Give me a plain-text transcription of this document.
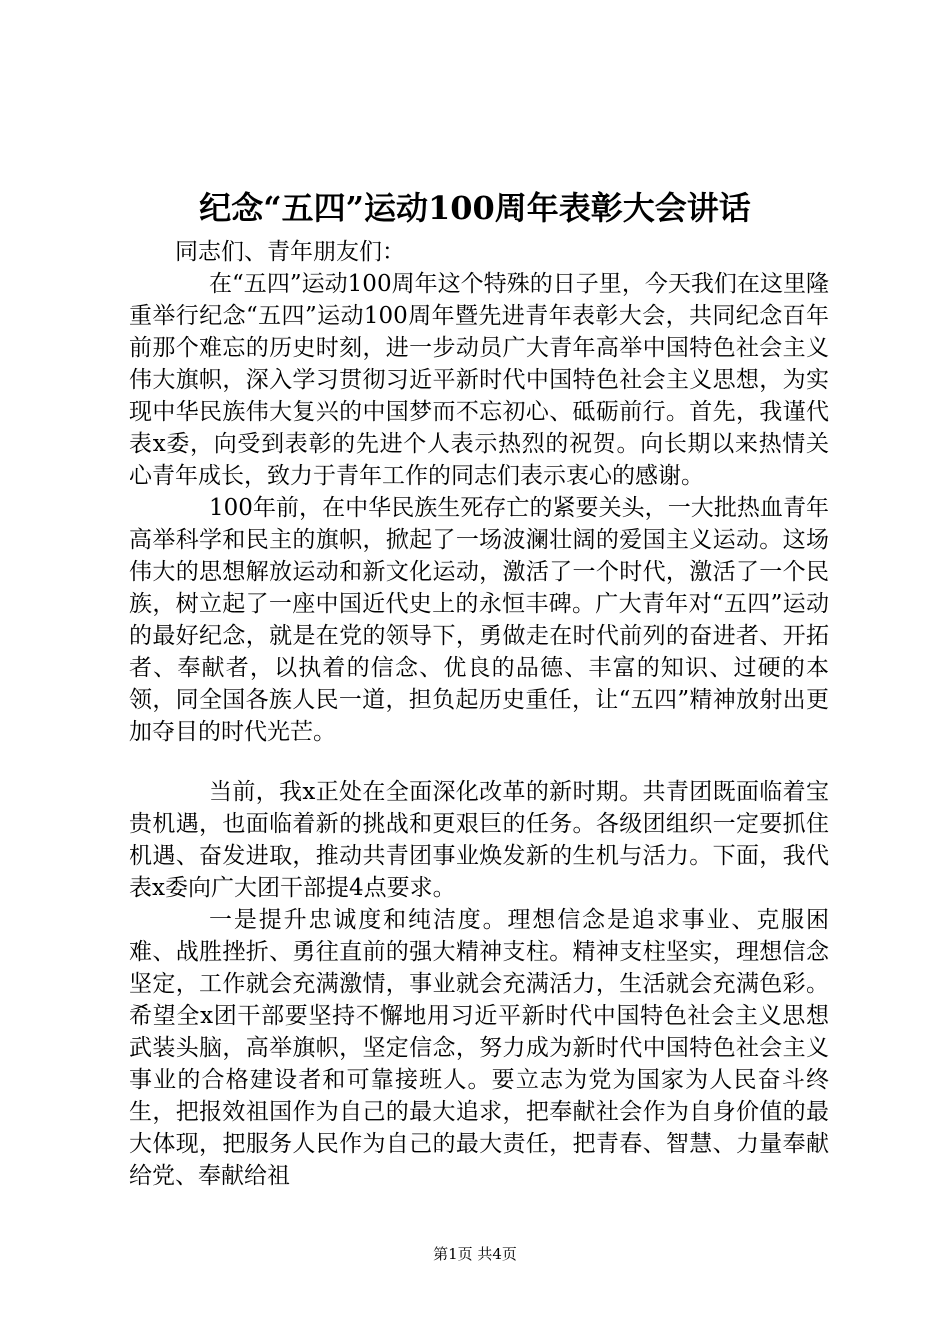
纪念“五四”运动100周年表彰大会讲话

同志们、青年朋友们：

在“五四”运动100周年这个特殊的日子里，今天我们在这里隆重举行纪念“五四”运动100周年暨先进青年表彰大会，共同纪念百年前那个难忘的历史时刻，进一步动员广大青年高举中国特色社会主义伟大旗帜，深入学习贯彻习近平新时代中国特色社会主义思想，为实现中华民族伟大复兴的中国梦而不忘初心、砥砺前行。首先，我谨代表x委，向受到表彰的先进个人表示热烈的祝贺。向长期以来热情关心青年成长，致力于青年工作的同志们表示衷心的感谢。

100年前，在中华民族生死存亡的紧要关头，一大批热血青年高举科学和民主的旗帜，掀起了一场波澜壮阔的爱国主义运动。这场伟大的思想解放运动和新文化运动，激活了一个时代，激活了一个民族，树立起了一座中国近代史上的永恒丰碑。广大青年对“五四”运动的最好纪念，就是在党的领导下，勇做走在时代前列的奋进者、开拓者、奉献者，以执着的信念、优良的品德、丰富的知识、过硬的本领，同全国各族人民一道，担负起历史重任，让“五四”精神放射出更加夺目的时代光芒。

当前，我x正处在全面深化改革的新时期。共青团既面临着宝贵机遇，也面临着新的挑战和更艰巨的任务。各级团组织一定要抓住机遇、奋发进取，推动共青团事业焕发新的生机与活力。下面，我代表x委向广大团干部提4点要求。

一是提升忠诚度和纯洁度。理想信念是追求事业、克服困难、战胜挫折、勇往直前的强大精神支柱。精神支柱坚实，理想信念坚定，工作就会充满激情，事业就会充满活力，生活就会充满色彩。希望全x团干部要坚持不懈地用习近平新时代中国特色社会主义思想武装头脑，高举旗帜，坚定信念，努力成为新时代中国特色社会主义事业的合格建设者和可靠接班人。要立志为党为国家为人民奋斗终生，把报效祖国作为自己的最大追求，把奉献社会作为自身价值的最大体现，把服务人民作为自己的最大责任，把青春、智慧、力量奉献给党、奉献给祖

第1页 共4页
